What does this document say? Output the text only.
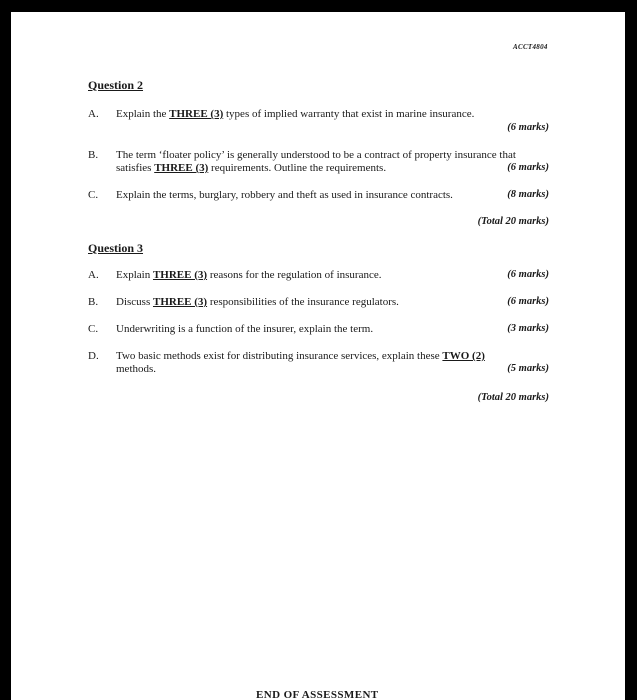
ACCT4804
Question 2
A. Explain the THREE (3) types of implied warranty that exist in marine insurance.
(6 marks)
B. The term ‘floater policy’ is generally understood to be a contract of property insurance that
satisfies THREE (3) requirements. Outline the requirements.	(6 marks)
C. Explain the terms, burglary, robbery and theft as used in insurance contracts.	(8 marks)
(Total 20 marks)
Question 3
A. Explain THREE (3) reasons for the regulation of insurance.	(6 marks)
B. Discuss THREE (3) responsibilities of the insurance regulators.	(6 marks)
C. Underwriting is a function of the insurer, explain the term.	(3 marks)
D. Two basic methods exist for distributing insurance services, explain these TWO (2)
methods.	(5 marks)
(Total 20 marks)
END OF ASSESSMENT
